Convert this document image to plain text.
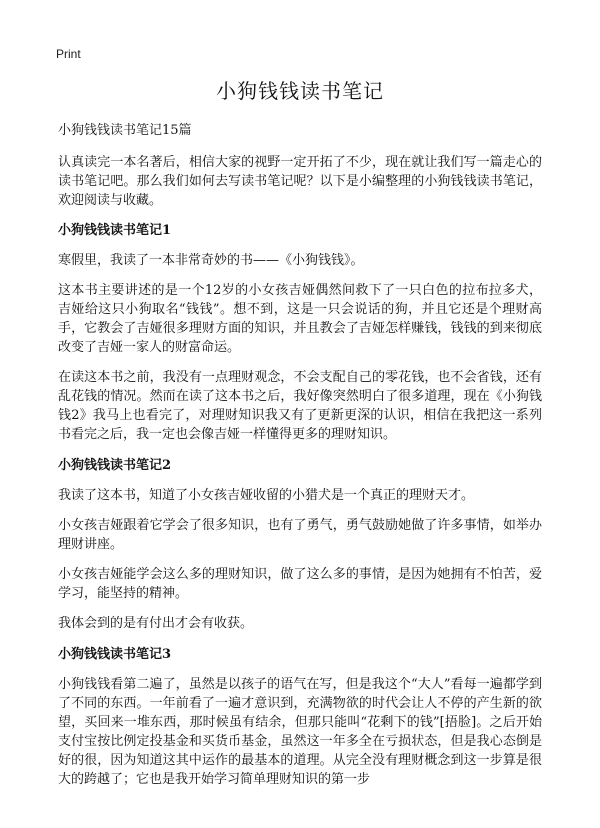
Print
小狗钱钱读书笔记

小狗钱钱读书笔记15篇

认真读完一本名著后，相信大家的视野一定开拓了不少，现在就让我们写一篇走心的读书笔记吧。那么我们如何去写读书笔记呢？以下是小编整理的小狗钱钱读书笔记，欢迎阅读与收藏。

小狗钱钱读书笔记1

寒假里，我读了一本非常奇妙的书——《小狗钱钱》。

这本书主要讲述的是一个12岁的小女孩吉娅偶然间救下了一只白色的拉布拉多犬，吉娅给这只小狗取名“钱钱”。想不到，这是一只会说话的狗，并且它还是个理财高手，它教会了吉娅很多理财方面的知识，并且教会了吉娅怎样赚钱，钱钱的到来彻底改变了吉娅一家人的财富命运。

在读这本书之前，我没有一点理财观念，不会支配自己的零花钱，也不会省钱，还有乱花钱的情况。然而在读了这本书之后，我好像突然明白了很多道理，现在《小狗钱钱2》我马上也看完了，对理财知识我又有了更新更深的认识，相信在我把这一系列书看完之后，我一定也会像吉娅一样懂得更多的理财知识。

小狗钱钱读书笔记2

我读了这本书，知道了小女孩吉娅收留的小猎犬是一个真正的理财天才。

小女孩吉娅跟着它学会了很多知识，也有了勇气，勇气鼓励她做了许多事情，如举办理财讲座。

小女孩吉娅能学会这么多的理财知识，做了这么多的事情，是因为她拥有不怕苦，爱学习，能坚持的精神。

我体会到的是有付出才会有收获。

小狗钱钱读书笔记3

小狗钱钱看第二遍了，虽然是以孩子的语气在写，但是我这个“大人”看每一遍都学到了不同的东西。一年前看了一遍才意识到，充满物欲的时代会让人不停的产生新的欲望，买回来一堆东西，那时候虽有结余，但那只能叫“花剩下的钱”[捂脸]。之后开始支付宝按比例定投基金和买货币基金，虽然这一年多全在亏损状态，但是我心态倒是好的很，因为知道这其中运作的最基本的道理。从完全没有理财概念到这一步算是很大的跨越了；它也是我开始学习简单理财知识的第一步
